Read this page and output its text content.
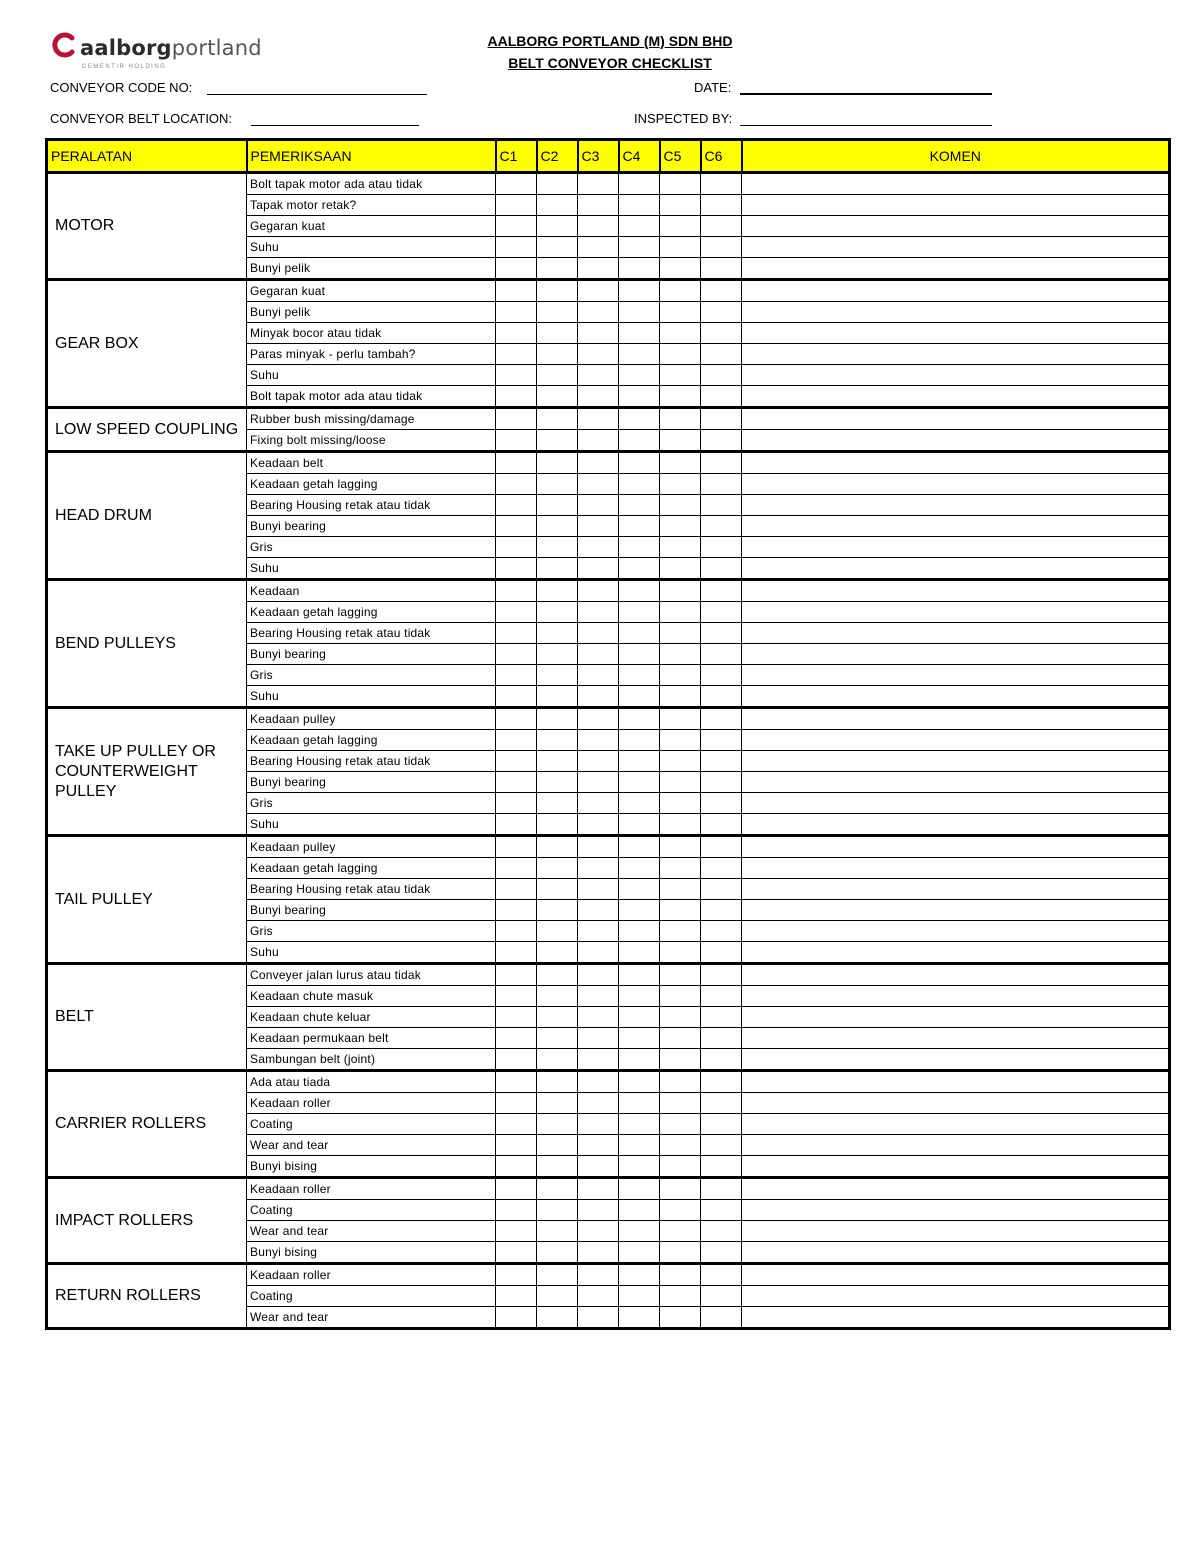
aalborgportland
CEMENTIR HOLDING
AALBORG PORTLAND (M) SDN BHD
BELT CONVEYOR CHECKLIST
CONVEYOR CODE NO:	DATE:
CONVEYOR BELT LOCATION:	INSPECTED BY:
PERALATAN	PEMERIKSAAN	C1	C2	C3	C4	C5	C6	KOMEN

MOTOR	Bolt tapak motor ada atau tidak							
	Tapak motor retak?							
	Gegaran kuat							
	Suhu							
	Bunyi pelik							

GEAR BOX	Gegaran kuat							
	Bunyi pelik							
	Minyak bocor atau tidak							
	Paras minyak - perlu tambah?							
	Suhu							
	Bolt tapak motor ada atau tidak							

LOW SPEED COUPLING	Rubber bush missing/damage							
	Fixing bolt missing/loose							

HEAD DRUM	Keadaan belt							
	Keadaan getah lagging							
	Bearing Housing retak atau tidak							
	Bunyi bearing							
	Gris							
	Suhu							

BEND PULLEYS	Keadaan							
	Keadaan getah lagging							
	Bearing Housing retak atau tidak							
	Bunyi bearing							
	Gris							
	Suhu							

TAKE UP PULLEY OR COUNTERWEIGHT PULLEY	Keadaan pulley							
	Keadaan getah lagging							
	Bearing Housing retak atau tidak							
	Bunyi bearing							
	Gris							
	Suhu							

TAIL PULLEY	Keadaan pulley							
	Keadaan getah lagging							
	Bearing Housing retak atau tidak							
	Bunyi bearing							
	Gris							
	Suhu							

BELT	Conveyer jalan lurus atau tidak							
	Keadaan chute masuk							
	Keadaan chute keluar							
	Keadaan permukaan belt							
	Sambungan belt (joint)							

CARRIER ROLLERS	Ada atau tiada							
	Keadaan roller							
	Coating							
	Wear and tear							
	Bunyi bising							

IMPACT ROLLERS	Keadaan roller							
	Coating							
	Wear and tear							
	Bunyi bising							

RETURN ROLLERS	Keadaan roller							
	Coating							
	Wear and tear							
